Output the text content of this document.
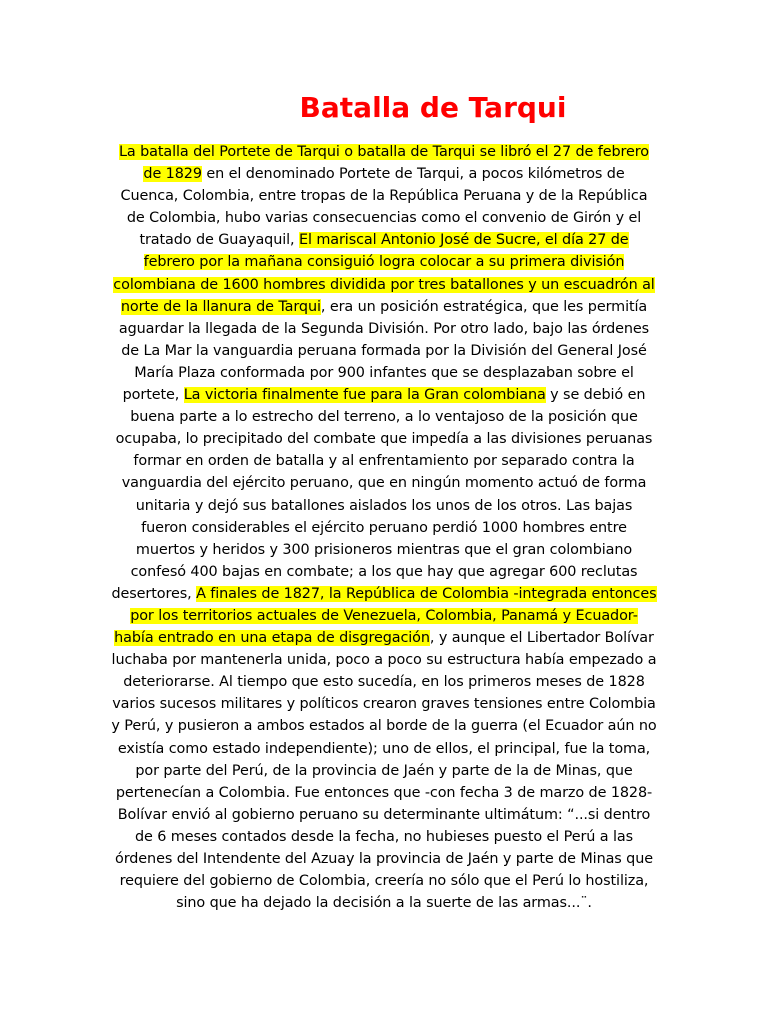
Batalla de Tarqui
La batalla del Portete de Tarqui o batalla de Tarqui se libró el 27 de febrero
de 1829 en el denominado Portete de Tarqui, a pocos kilómetros de
Cuenca, Colombia, entre tropas de la República Peruana y de la República
de Colombia, hubo varias consecuencias como el convenio de Girón y el
tratado de Guayaquil, El mariscal Antonio José de Sucre, el día 27 de
febrero por la mañana consiguió logra colocar a su primera división
colombiana de 1600 hombres dividida por tres batallones y un escuadrón al
norte de la llanura de Tarqui, era un posición estratégica, que les permitía
aguardar la llegada de la Segunda División. Por otro lado, bajo las órdenes
de La Mar la vanguardia peruana formada por la División del General José
María Plaza conformada por 900 infantes que se desplazaban sobre el
portete, La victoria finalmente fue para la Gran colombiana y se debió en
buena parte a lo estrecho del terreno, a lo ventajoso de la posición que
ocupaba, lo precipitado del combate que impedía a las divisiones peruanas
formar en orden de batalla y al enfrentamiento por separado contra la
vanguardia del ejército peruano, que en ningún momento actuó de forma
unitaria y dejó sus batallones aislados los unos de los otros. Las bajas
fueron considerables el ejército peruano perdió 1000 hombres entre
muertos y heridos y 300 prisioneros mientras que el gran colombiano
confesó 400 bajas en combate; a los que hay que agregar 600 reclutas
desertores, A finales de 1827, la República de Colombia -integrada entonces
por los territorios actuales de Venezuela, Colombia, Panamá y Ecuador-
había entrado en una etapa de disgregación, y aunque el Libertador Bolívar
luchaba por mantenerla unida, poco a poco su estructura había empezado a
deteriorarse. Al tiempo que esto sucedía, en los primeros meses de 1828
varios sucesos militares y políticos crearon graves tensiones entre Colombia
y Perú, y pusieron a ambos estados al borde de la guerra (el Ecuador aún no
existía como estado independiente); uno de ellos, el principal, fue la toma,
por parte del Perú, de la provincia de Jaén y parte de la de Minas, que
pertenecían a Colombia. Fue entonces que -con fecha 3 de marzo de 1828-
Bolívar envió al gobierno peruano su determinante ultimátum: “...si dentro
de 6 meses contados desde la fecha, no hubieses puesto el Perú a las
órdenes del Intendente del Azuay la provincia de Jaén y parte de Minas que
requiere del gobierno de Colombia, creería no sólo que el Perú lo hostiliza,
sino que ha dejado la decisión a la suerte de las armas...¨.
